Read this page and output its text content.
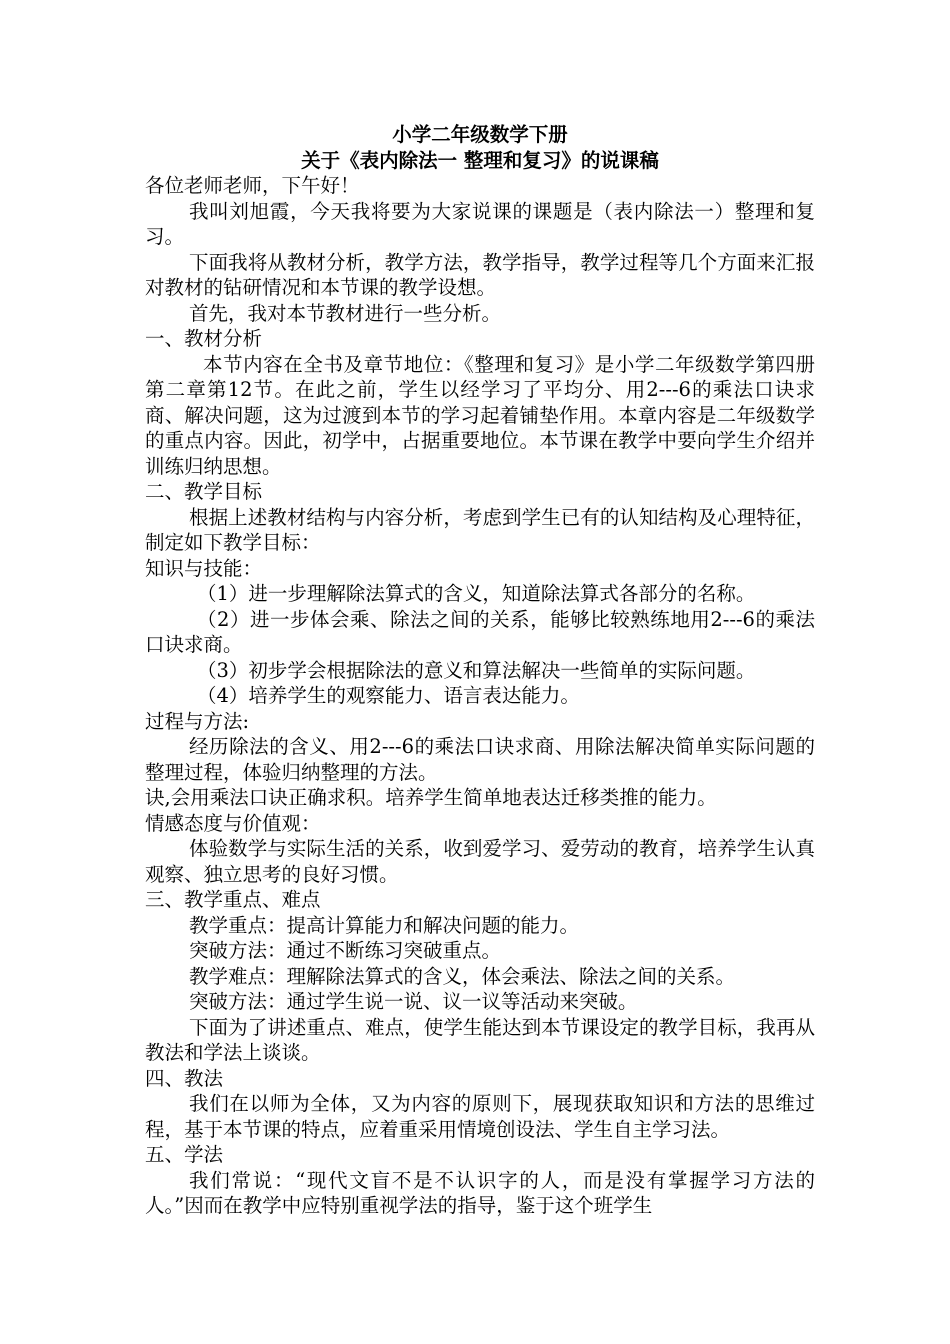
小学二年级数学下册

关于《表内除法一 整理和复习》的说课稿

各位老师老师，下午好！

我叫刘旭霞，今天我将要为大家说课的课题是（表内除法一）整理和复习。

下面我将从教材分析，教学方法，教学指导，教学过程等几个方面来汇报对教材的钻研情况和本节课的教学设想。

首先，我对本节教材进行一些分析。

一、教材分析

本节内容在全书及章节地位：《整理和复习》是小学二年级数学第四册第二章第12节。在此之前，学生以经学习了平均分、用2---6的乘法口诀求商、解决问题，这为过渡到本节的学习起着铺垫作用。本章内容是二年级数学的重点内容。因此，初学中，占据重要地位。本节课在教学中要向学生介绍并训练归纳思想。

二、教学目标

根据上述教材结构与内容分析，考虑到学生已有的认知结构及心理特征，制定如下教学目标：

知识与技能：

（1）进一步理解除法算式的含义，知道除法算式各部分的名称。

（2）进一步体会乘、除法之间的关系，能够比较熟练地用2---6的乘法口诀求商。

（3）初步学会根据除法的意义和算法解决一些简单的实际问题。

（4）培养学生的观察能力、语言表达能力。

过程与方法:

经历除法的含义、用2---6的乘法口诀求商、用除法解决简单实际问题的整理过程，体验归纳整理的方法。

诀,会用乘法口诀正确求积。培养学生简单地表达迁移类推的能力。

情感态度与价值观：

体验数学与实际生活的关系，收到爱学习、爱劳动的教育，培养学生认真观察、独立思考的良好习惯。

三、教学重点、难点

教学重点：提高计算能力和解决问题的能力。

突破方法：通过不断练习突破重点。

教学难点：理解除法算式的含义，体会乘法、除法之间的关系。

突破方法：通过学生说一说、议一议等活动来突破。

下面为了讲述重点、难点，使学生能达到本节课设定的教学目标，我再从教法和学法上谈谈。

四、教法

我们在以师为全体，又为内容的原则下，展现获取知识和方法的思维过程，基于本节课的特点，应着重采用情境创设法、学生自主学习法。

五、学法

我们常说：“现代文盲不是不认识字的人，而是没有掌握学习方法的人。”因而在教学中应特别重视学法的指导，鉴于这个班学生
